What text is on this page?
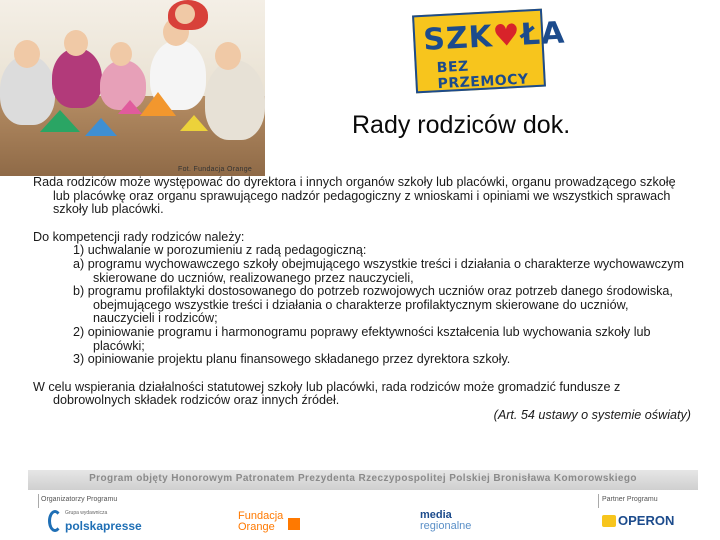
Fot. Fundacja Orange
SZK♥ŁA
BEZ PRZEMOCY
Rady rodziców dok.

Rada rodziców może występować do dyrektora i innych organów szkoły lub placówki, organu prowadzącego szkołę lub placówkę oraz organu sprawującego nadzór pedagogiczny z wnioskami i opiniami we wszystkich sprawach szkoły lub placówki.

Do kompetencji rady rodziców należy:

1) uchwalanie w porozumieniu z radą pedagogiczną:

a) programu wychowawczego szkoły obejmującego wszystkie treści i działania o charakterze wychowawczym skierowane do uczniów, realizowanego przez nauczycieli,

b) programu profilaktyki dostosowanego do potrzeb rozwojowych uczniów oraz potrzeb danego środowiska, obejmującego wszystkie treści i działania o charakterze profilaktycznym skierowane do uczniów, nauczycieli i rodziców;

2) opiniowanie programu i harmonogramu poprawy efektywności kształcenia lub wychowania szkoły lub placówki;

3) opiniowanie projektu planu finansowego składanego przez dyrektora szkoły.

W celu wspierania działalności statutowej szkoły lub placówki, rada rodziców może gromadzić fundusze z dobrowolnych składek rodziców oraz innych źródeł.

(Art. 54 ustawy o systemie oświaty)

Program objęty Honorowym Patronatem Prezydenta Rzeczypospolitej Polskiej Bronisława Komorowskiego
Organizatorzy Programu	Partner Programu
Grupa wydawnicza
polskapresse
Fundacja
Orange
media
regionalne	OPERON
